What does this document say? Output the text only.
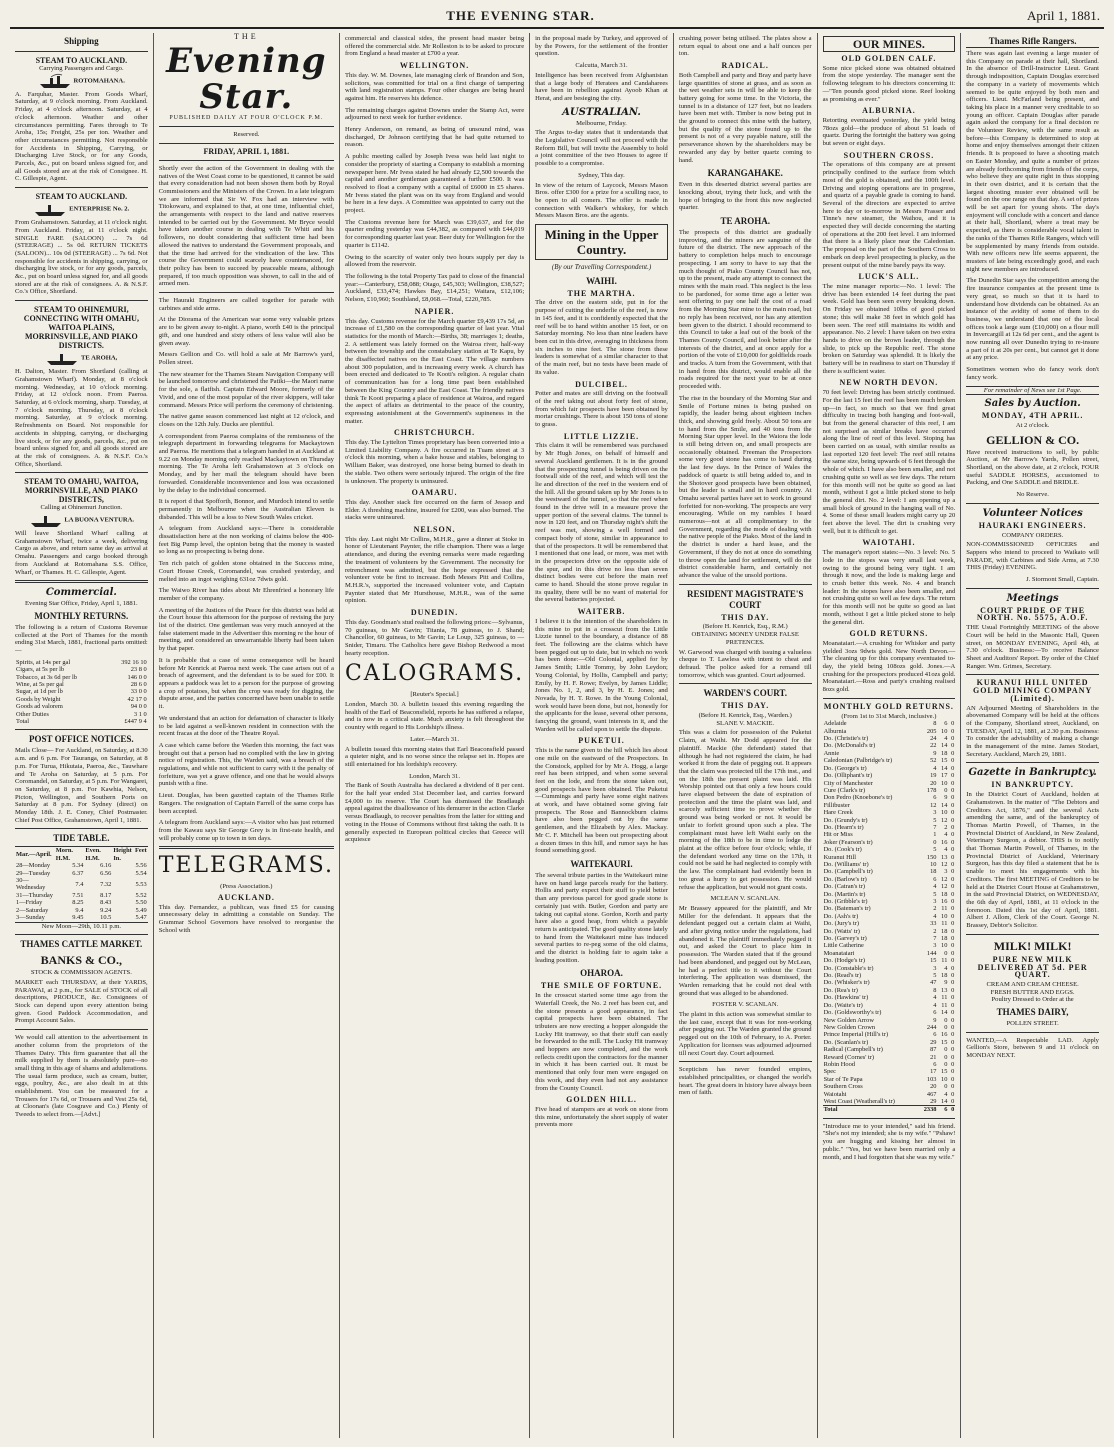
THE EVENING STAR.	April 1, 1881.
Shipping
STEAM TO AUCKLAND.
Carrying Passengers and Cargo.
ROTOMAHANA.
A. Farquhar, Master. From Goods Wharf, Saturday, at 9 o'clock morning. From Auckland. Friday, at 4 o'clock afternoon. Saturday, at 4 o'clock afternoon. Weather and other circumstances permitting. Fares through to Te Aroha, 15s; Freight, 25s per ton. Weather and other circumstances permitting. Not responsible for Accidents in Shipping, Carrying, or Discharging Live Stock, or for any Goods, Parcels, &c., put on board unless signed for, and all Goods stored are at the risk of Consignee. H. C. Gillespie, Agent.
STEAM TO AUCKLAND.
ENTERPRISE No. 2.
From Grahamstown. Saturday, at 11 o'clock night. From Auckland. Friday, at 11 o'clock night. SINGLE FARE (SALOON) ... 7s 6d (STEERAGE) ... 5s 0d. RETURN TICKETS (SALOON)... 10s 0d (STEERAGE) ... 7s 6d. Not responsible for accidents in shipping, carrying, or discharging live stock, or for any goods, parcels, &c., put on board unless signed for, and all goods stored are at the risk of consignees. A. & N.S.F. Co.'s Office, Shortland.
STEAM TO OHINEMURI, CONNECTING WITH OMAHU, WAITOA PLAINS, MORRINSVILLE, AND PIAKO DISTRICTS.
TE AROHA,
H. Dalton, Master. From Shortland (calling at Grahamstown Wharf). Monday, at 8 o'clock morning. Wednesday, at 10 o'clock morning. Friday, at 12 o'clock noon. From Paeroa. Saturday, at 6 o'clock morning, sharp. Tuesday, at 7 o'clock morning. Thursday, at 8 o'clock morning. Saturday, at 9 o'clock morning. Refreshments on Board. Not responsible for accidents in shipping, carrying, or discharging live stock, or for any goods, parcels, &c., put on board unless signed for, and all goods stored are at the risk of consignees. A. & N.S.F. Co.'s Office, Shortland.
STEAM TO OMAHU, WAITOA, MORRINSVILLE, AND PIAKO DISTRICTS,
Calling at Ohinemuri Junction.
LA BUONA VENTURA.
Will leave Shortland Wharf calling at Grahamstown Wharf, twice a week, delivering Cargo as above, and return same day as arrival at Omahu. Passengers and cargo booked through from Auckland at Rotomahana S.S. Office, Wharf, or Thames. H. C. Gillespie, Agent.
Commercial.
Evening Star Office, Friday, April 1, 1881.
MONTHLY RETURNS.
The following is a return of Customs Revenue collected at the Port of Thames for the month ending 31st March, 1881, fractional parts omitted:—
Spirits, at 14s per gal	392 16 10
Cigars, at 5s per lb	23 8 0
Tobacco, at 3s 6d per lb	146 0 0
Wine, at 5s per gal	28 6 0
Sugar, at 1d per lb	33 0 0
Goods by Weight	42 17 0
Goods ad valorem	94 0 0
Other Duties	3 1 0
Total	£447 9 4
POST OFFICE NOTICES.
Mails Close— For Auckland, on Saturday, at 8.30 a.m. and 6 p.m. For Tauranga, on Saturday, at 8 p.m. For Turua, Hikutaia, Paeroa, &c., Tauwhare and Te Aroha on Saturday, at 5 p.m. For Coromandel, on Saturday, at 5 p.m. For Wangarei, on Saturday, at 8 p.m. For Kawhia, Nelson, Picton, Wellington, and Southern Ports on Saturday at 8 p.m. For Sydney (direct) on Monday 18th. J. E. Coney, Chief Postmaster. Chief Post Office, Grahamstown, April 1, 1881.
TIDE TABLE.
Mar.—April.	Morn. H.M.	Even. H.M.	Height Feet In.
28—Monday	5.34	6.16	5.56
29—Tuesday	6.37	6.56	5.54
30—Wednesday	7.4	7.32	5.53
31—Thursday	7.51	8.17	5.52
1—Friday	8.25	8.43	5.50
2—Saturday	9.4	9.24	5.49
3—Sunday	9.45	10.5	5.47
New Moon—29th, 10.11 p.m.
THAMES CATTLE MARKET.
BANKS & CO.,
STOCK & COMMISSION AGENTS.
MARKET each THURSDAY, at their YARDS, PARAWAI, at 2 p.m., for SALE of STOCK of all descriptions, PRODUCE, &c. Consignees of Stock can depend upon every attention being given. Good Paddock Accommodation, and Prompt Account Sales.
We would call attention to the advertisement in another column from the proprietors of the Thames Dairy. This firm guarantee that all the milk supplied by them is absolutely pure—no small thing in this age of shams and adulterations. The usual farm produce, such as cream, butter, eggs, poultry, &c., are also dealt in at this establishment. You can be measured for a Trousers for 17s 6d, or Trousers and Vest 25s 6d, at Cloonan's (late Cosgrave and Co.) Plenty of Tweeds to select from.—[Advt.]
THE
Evening Star.
PUBLISHED DAILY AT FOUR O'CLOCK P.M.
Reserved.
FRIDAY, APRIL 1, 1881.

Shortly ever the action of the Government in dealing with the natives of the West Coast come to be questioned, it cannot be said that every consideration had not been shown them both by Royal Commissioners and the Ministers of the Crown. In a late telegram we are informed that Sir W. Fox had an interview with Titokowaru, and explained to that, at one time, influential chief, the arrangements with respect to the land and native reserves intended to be carried out by the Government. Mr Bryce would have taken another course in dealing with Te Whiti and his followers, no doubt considering that sufficient time had been allowed the natives to understand the Government proposals, and that the time had arrived for the vindication of the law. This course the Government could scarcely have countenanced, for their policy has been to succeed by peaceable means, although prepared, if too much opposition was shown, to call in the aid of armed men.

The Hauraki Engineers are called together for parade with carbines and side arms.

At the Diorama of the American war some very valuable prizes are to be given away to-night. A piano, worth £40 is the principal gift, and one hundred and sixty others of less value will also be given away.

Messrs Gellion and Co. will hold a sale at Mr Barrow's yard, Pollen street.

The new steamer for the Thames Steam Navigation Company will be launched tomorrow and christened the Patiki—the Maori name for the sole, a flatfish. Captain Edward Moore, formerly of the Vivid, and one of the most popular of the river skippers, will take command. Messrs Price will perform the ceremony of christening.

The native game season commenced last night at 12 o'clock, and closes on the 12th July. Ducks are plentiful.

A correspondent from Paeroa complains of the remissness of the telegraph department in forwarding telegrams for Mackaytown and Paeroa. He mentions that a telegram handed in at Auckland at 9.22 on Monday morning only reached Mackaytown on Thursday morning. The Te Aroha left Grahamstown at 3 o'clock on Monday, and by her mail the telegram should have been forwarded. Considerable inconvenience and loss was occasioned by the delay to the individual concerned.

It is report d that Spofforth, Bonnor, and Murdoch intend to settle permanently in Melbourne when the Australian Eleven is disbanded. This will be a loss to New South Wales cricket.

A telegram from Auckland says:—There is considerable dissatisfaction here at the non working of claims below the 400-feet Big Pump level, the opinion being that the money is wasted so long as no prospecting is being done.

Ten rich patch of golden stone obtained in the Success mine, Court House Creek, Coromandel, was crushed yesterday, and melted into an ingot weighing 631oz 7dwts gold.

The Waiwo River has tides about Mr Ehrenfried a honorary life member of the company.

A meeting of the Justices of the Peace for this district was held at the Court house this afternoon for the purpose of revising the jury list of the district. One gentleman was very much annoyed at the false statement made in the Advertiser this morning re the hour of meeting, and considered an unwarrantable liberty had been taken by that paper.

It is probable that a case of some consequence will be heard before Mr Kenrick at Paeroa next week. The case arises out of a breach of agreement, and the defendant is to be sued for £00. It appears a paddock was let to a person for the purpose of growing a crop of potatoes, but when the crop was ready for digging, the dispute arose, and the parties concerned have been unable to settle it.

We understand that an action for defamation of character is likely to be laid against a well-known resident in connection with the recent fracas at the door of the Theatre Royal.

A case which came before the Warden this morning, the fact was brought out that a person had no complied with the law in giving notice of registration. This, the Warden said, was a breach of the regulations, and while not sufficient to carry with it the penalty of forfeiture, was yet a grave offence, and one that he would always punish with a fine.

Lieut. Douglas, has been gazetted captain of the Thames Rifle Rangers. The resignation of Captain Farrell of the same corps has been accepted.

A telegram from Auckland says:—A visitor who has just returned from the Kawau says Sir George Grey is in first-rate health, and will probably come up to town in ten days.

TELEGRAMS.
(Press Association.)
AUCKLAND.

This day. Fernandez, a publican, was fined £5 for causing unnecessary delay in admitting a constable on Sunday. The Grammar School Governors have resolved to reorganise the School with

commercial and classical sides, the present head master being offered the commercial side. Mr Rolleston is to be asked to procure from England a head master at £700 a year.

WELLINGTON.

This day. W. M. Downes, late managing clerk of Brandon and Son, solicitors, was committed for trial on a first charge of tampering with land registration stamps. Four other charges are being heard against him. He reserves his defence.

The remaining charges against Downes under the Stamp Act, were adjourned to next week for further evidence.

Henry Anderson, on remand, as being of unsound mind, was discharged, Dr Johnson certifying that he had quite returned to reason.

A public meeting called by Joseph Ivess was held last night to consider the propriety of starting a Company to establish a morning newspaper here. Mr Ivess stated he had already £2,500 towards the capital and another gentleman guaranteed a further £500. It was resolved to float a company with a capital of £6000 in £5 shares. Mr Ivess stated the plant was on its way from England and would be here in a few days. A Committee was appointed to carry out the project.

The Customs revenue here for March was £39,637, and for the quarter ending yesterday was £44,382, as compared with £44,019 for corresponding quarter last year. Beer duty for Wellington for the quarter is £1142.

Owing to the scarcity of water only two hours supply per day is allowed from the reservoir.

The following is the total Property Tax paid to close of the financial year:—Canterbury, £58,088; Otago, £45,303; Wellington, £38,527; Auckland, £33,474; Hawkes Bay, £14,251; Waitara, £12,106; Nelson, £10,960; Southland, £8,068.—Total, £220,785.

NAPIER.

This day. Customs revenue for the March quarter £9,439 17s 5d, an increase of £1,580 on the corresponding quarter of last year. Vital statistics for the month of March:—Births, 38; marriages 1; deaths, 2. A settlement was lately formed on the Wairoa river, half-way between the township and the constabulary station at Te Kapu, by the disaffected natives on the East Coast. The village numbers about 300 population, and is increasing every week. A church has been erected and dedicated to Te Kooti's religion. A regular chain of communication has for a long time past been established between the King Country and the East Coast. The friendly natives think Te Kooti preparing a place of residence at Wairoa, and regard the aspect of affairs as detrimental to the peace of the country, expressing astonishment at the Government's supineness in the matter.

CHRISTCHURCH.

This day. The Lyttelton Times proprietary has been converted into a Limited Liability Company. A fire occurred in Tuam street at 3 o'clock this morning, when a bake house and stables, belonging to William Baker, was destroyed, one horse being burned to death in the stable. Two others were seriously injured. The origin of the fire is unknown. The property is uninsured.

OAMARU.

This day. Another stack fire occurred on the farm of Jessop and Elder. A threshing machine, insured for £200, was also burned. The stacks were uninsured.

NELSON.

This day. Last night Mr Collins, M.H.R., gave a dinner at Stoke in honor of Lieutenant Paynter, the rifle champion. There was a large attendance, and during the evening remarks were made regarding the treatment of volunteers by the Government. The necessity for retrenchment was admitted, but the hope expressed that the volunteer vote be first to increase. Both Messrs Pitt and Collins, M.H.R.'s, supported the increased volunteer vote, and Captain Paynter stated that Mr Hursthouse, M.H.R., was of the same opinion.

DUNEDIN.

This day. Goodman's stud realised the following prices:—Sylvanus, 70 guineas, to Mr Gavin; Titania, 78 guineas, to J. Shand; Chancellor, 60 guineas, to Mr Gavin; Le Loup, 325 guineas, to — Snider, Timaru. The Catholics here gave Bishop Redwood a most hearty reception.

CALOGRAMS.
[Reuter's Special.]

London, March 30. A bulletin issued this evening regarding the health of the Earl of Beaconsfield, reports he has suffered a relapse, and is now in a critical state. Much anxiety is felt throughout the country with regard to His Lordship's illness.

Later.—March 31.

A bulletin issued this morning states that Earl Beaconsfield passed a quieter night, and is no worse since the relapse set in. Hopes are still entertained for his lordship's recovery.

London, March 31.

The Bank of South Australia has declared a dividend of 8 per cent. for the half year ended 31st December last, and carries forward £4,000 to its reserve. The Court has dismissed the Bradlaugh appeal against the disallowance of his demurrer in the action Clarke versus Bradlaugh, to recover penalties from the latter for sitting and voting in the House of Commons without first taking the oath. It is generally expected in European political circles that Greece will acquiesce

in the proposal made by Turkey, and approved of by the Powers, for the settlement of the frontier question.

Calcutta, March 31.

Intelligence has been received from Afghanistan that a large body of Heratees and Candaharees have been in rebellion against Ayoob Khan at Herat, and are besieging the city.

AUSTRALIAN.
Melbourne, Friday.

The Argus to-day states that it understands that the Legislative Council will not proceed with the Reform Bill, but will invite the Assembly to hold a joint committee of the two Houses to agree if possible to a compromise.

Sydney, This day.

In view of the return of Laycock, Messrs Mason Bros. offer £300 for a prize for a sculling race, to be open to all comers. The offer is made in connection with Walker's whiskey, for which Messrs Mason Bros. are the agents.

Mining in the Upper Country.
(By our Travelling Correspondent.)
WAIHI.
THE MARTHA.

The drive on the eastern side, put in for the purpose of cutting the underlie of the reef, is now in 145 feet, and it is confidently expected that the reef will be to hand within another 15 feet, or on Saturday morning. No less than nine leaders have been cut in this drive, averaging in thickness from six inches to nine feet. The stone from these leaders is somewhat of a similar character to that of the main reef, but no tests have been made of its value.

DULCIBEL.

Potter and mates are still driving on the footwall of the reef taking out about forty feet of stone, from which fair prospects have been obtained by mortar crushings. There is about 150 tons of stone to grass.

LITTLE LIZZIE.

This claim it will be remembered was purchased by Mr Hugh Jones, on behalf of himself and several Auckland gentlemen. It is in the ground that the prospecting tunnel is being driven on the footwall side of the reef, and which will test the lie and direction of the reef in the western end of the hill. All the ground taken up by Mr Jones is to the westward of the tunnel, so that the reef when found in the drive will in a measure prove the upper portion of the several claims. The tunnel is now in 120 feet, and on Thursday night's shift the reef was met, showing a well formed and compact body of stone, similar in appearance to that of the prospectors. It will be remembered that I mentioned that one lead, or more, was met with in the prospectors drive on the opposite side of the spur, and in this drive no less than seven distinct bodies were cut before the main reef came to hand. Should the stone prove regular in its quality, there will be no want of material for the several batteries projected.

WAITERB.

I believe it is the intention of the shareholders in this mine to put in a crosscut from the Little Lizzie tunnel to the boundary, a distance of 88 feet. The following are the claims which have been pegged out up to date, but in which no work has been done:—Old Colonial, applied for by James Smith; Little Tommy, by John Leydon; Young Colonial, by Hollis, Campbell and party; Emily, by H. F. Rowe; Evelyn, by James Liddle; Jones No. 1, 2, and 3, by H. E. Jones; and Novada, by H. T. Rowe. In the Young Colonial, work would have been done, but not, honestly for the applicants for the lease, several other persons, fancying the ground, want interests in it, and the Warden will be called upon to settle the dispute.

PUKETUI.

This is the name given to the hill which lies about one mile on the eastward of the Prospectors. In the Constock, applied for by Mr A. Hogg, a large reef has been stripped, and when some several feet on the lode, and from the stone taken out, good prospects have been obtained. The Puketui—Cummings and party have some eight natives at work, and have obtained some giving fair prospects. The Rose and Bannockburn claims have also been pegged out by the same gentlemen, and the Elizabeth by Alex. Mackay. Mr C. F. Mitchell has been out prospecting about a dozen times in this hill, and rumor says he has found something good.

WAITEKAURI.

The several tribute parties in the Waitekauri mine have on hand large parcels ready for the battery. Hollis and party expect their stuff to yield better than any previous parcel for good grade stone is certainly just with. Butler, Gordon and party are taking out capital stone. Gordon, Korth and party have also a good heap, from which a payable return is anticipated. The good quality stone lately to hand from the Waitekauri mine has induced several parties to re-peg some of the old claims, and the district is holding fair to again take a leading position.

OHAROA.
THE SMILE OF FORTUNE.

In the crosscut started some time ago from the Waterfall Creek, the No. 2 reef has been cut, and the stone presents a good appearance, in fact capital prospects have been obtained. The tributers are now erecting a hopper alongside the Lucky Hit tramway, so that their stuff can easily be forwarded to the mill. The Lucky Hit tramway and hoppers are now completed, and the work reflects credit upon the contractors for the manner in which it has been carried out. It must be mentioned that only four men were engaged on this work, and they even had not any assistance from the County Council.

GOLDEN HILL.

Five head of stampers are at work on stone from this mine, unfortunately the short supply of water prevents more

crushing power being utilised. The plates show a return equal to about one and a half ounces per ton.

RADICAL.

Both Campbell and party and Bray and party have large quantities of stone at grass, and as soon as the wet weather sets in will be able to keep the battery going for some time. In the Victoria, the tunnel is in a distance of 127 feet, but no leaders have been met with. Timber is now being put in the ground to connect this mine with the battery, but the quality of the stone found up to the present is not of a very payable nature, still the perseverance shown by the shareholders may be rewarded any day by better quartz coming to hand.

KARANGAHAKE.

Even in this deserted district several parties are knocking about, trying their luck, and with the hope of bringing to the front this now neglected quarter.

TE AROHA.

The prospects of this district are gradually improving, and the miners are sanguine of the future of the district. The new approach of the battery to completion helps much to encourage prospecting. I am sorry to have to say that the much thought of Piako County Council has not, up to the present, made any attempt to connect the mines with the main road. This neglect is the less to be pardoned, for some time ago a letter was sent offering to pay one half the cost of a road from the Morning Star mine to the main road, but no reply has been received, nor has any attention been given to the district. I should recommend to this Council to take a leaf out of the book of the Thames County Council, and look better after the interests of the district, and at once apply for a portion of the vote of £10,000 for goldfields roads and tracks. A turn from the Government, with that in hand from this district, would enable all the roads required for the next year to be at once proceeded with.

The rise in the boundary of the Morning Star and Smile of Fortune mines is being pushed on rapidly, the leader being about eighteen inches thick, and showing gold freely. About 50 tons are to hand from the Smile, and 40 tons from the Morning Star upper level. In the Waiora the lode is still being driven on, and small prospects are occasionally obtained. Freeman the Prospectors some very good stone has come to hand during the last few days. In the Prince of Wales the paddock of quartz is still being added to, and in the Shotover good prospects have been obtained, but the leader is small and in hard country. At Omahu several parties have set to work in ground forfeited for non-working. The prospects are very encouraging. While on my rambles I heard numerous—not at all complimentary to the Government, regarding the mode of dealing with the native people of the Piako. Most of the land in the district is under a hard lease, and the Government, if they do not at once do something to throw open the land for settlement, will do the district considerable harm, and certainly not advance the value of the unsold portions.

RESIDENT MAGISTRATE'S COURT
THIS DAY.
(Before H. Kenrick, Esq., R.M.)
OBTAINING MONEY UNDER FALSE PRETENCES.

W. Garwood was charged with issuing a valueless cheque to T. Lawless with intent to cheat and defraud. The police asked for a remand till tomorrow, which was granted. Court adjourned.

WARDEN'S COURT.
THIS DAY.
(Before H. Kenrick, Esq., Warden.)
SLANE V. MACKIE.

This was a claim for possession of the Puketui Claim, at Waihi. Mr Dodd appeared for the plaintiff. Mackie (the defendant) stated that although he had not registered the claim, he had worked it from the date of pegging out. It appears that the claim was protected till the 17th inst., and on the 18th the present plaint was laid. His Worship pointed out that only a few hours could have elapsed between the date of expiration of protection and the time the plaint was laid, and scarcely sufficient time to prove whether the ground was being worked or not. It would be unfair to forfeit ground upon such a plea. The complainant must have left Waihi early on the morning of the 18th to be in time to lodge the plaint at the office before four o'clock; while, if the defendant worked any time on the 17th, it could not be said he had neglected to comply with the law. The complainant had evidently been in too great a hurry to get possession. He would refuse the application, but would not grant costs.

MCLEAN V. SCANLAN.

Mr Brassey appeared for the plaintiff, and Mr Miller for the defendant. It appears that the defendant pegged out a certain claim at Waihi, and after giving notice under the regulations, had abandoned it. The plaintiff immediately pegged it out, and asked the Court to place him in possession. The Warden stated that if the ground had been abandoned, and pegged out by McLean, he had a perfect title to it without the Court interfering. The application was dismissed, the Warden remarking that he could not deal with ground that was alleged to be abandoned.

FOSTER V. SCANLAN.

The plaint in this action was somewhat similar to the last case, except that it was for non-working after pegging out. The Warden granted the ground pegged out on the 10th of February, to A. Porter. Application for licenses was adjourned adjourned till next Court day. Court adjourned.

Scepticism has never founded empires, established principalities, or changed the world's heart. The great doers in history have always been men of faith.

OUR MINES.
OLD GOLDEN CALF.

Some nice picked stone was obtained obtained from the stope yesterday. The manager sent the following telegram to his directors concerning it:—"Ten pounds good picked stone. Reef looking as promising as ever."

ALBURNIA.

Retorting eventuated yesterday, the yield being 78ozs gold—the produce of about 51 loads of quartz. During the fortnight the battery was going but seven or eight days.

SOUTHERN CROSS.

The operations of this company are at present principally confined to the surface from which most of the gold is obtained, and the 100ft level. Driving and stoping operations are in progress, and quartz of a payable grade is coming to hand. Several of the directors are expected to arrive here to day or to-morrow in Messrs Frasser and Tinne's new steamer, the Waihou, and it is expected they will decide concerning the starting of operations at the 200 feet level. I am informed that there is a likely place near the Caledonian. The proposal on the part of the Southern Cross to embark on deep level prospecting is plucky, as the present output of the mine barely pays its way.

LUCK'S ALL.

The mine manager reports:—No. 1 level: The drive has been extended 14 feet during the past week. Gold has been seen every breaking down. On Friday we obtained 10lbs of good picked stone; this will make 38 feet in which gold has been seen. The reef still maintains its width and appearance. No. 2 level: I have taken on two extra hands to drive on the brown leader, through the slide, to pick up the Republic reef. The stone broken on Saturday was splendid. It is likely the battery will be in readiness to start on Thursday if there is sufficient water.

NEW NORTH DEVON.

70 feet level: Driving has been strictly continued. For the last 15 feet the reef has been much broken up—in fact, so much so that we find great difficulty in tracing both hanging and foot-wall, but from the general character of this reef, I am not surprised as similar breaks have occurred along the line of reef of this level. Stoping has been carried on as usual, with similar results as last reported 120 feet level: The reef still retains the same size, being upwards of 6 feet through the whole of which. I have also been smaller, and not crushing quite so well as we few days. The return for this month will not be quite so good as last month, without I got a little picked stone to help the general dirt. No. 2 level: I am opening up a small block of ground in the hanging wall of No. 4. Some of these small leaders might carry up 20 feet above the level. The dirt is crushing very well, but it is difficult to get.

WAIOTAHI.

The manager's report states:—No. 3 level: No. 5 lode in the stopes was very small last week, owing to the ground being very tight. I am through it now, and the lode is making large and to crush better this week. No. 4 and branch leader: In the stopes have also been smaller, and not crushing quite so well as few days. The return for this month will not be quite so good as last month, without I get a little picked stone to help the general dirt.

GOLD RETURNS.

Moanataiari.—A crushing for Whisker and party yielded 3ozs 9dwts gold. New North Devon.—The cleaning up for this company eventuated to-day, the yield being 108ozs gold. Jones.—A crushing for the prospectors produced 41ozs gold. Moanataiari.—Ross and party's crushing realised 8ozs gold.

MONTHLY GOLD RETURNS.
(From 1st to 31st March, inclusive.)
Adelaide	8	6	0
Alburnia	205	10	0
Do. (Christie's tr)	24	4	0
Do. (McDonald's tr)	22	14	0
Annie	9	18	0
Caledonian (Palbridge's tr)	52	15	0
Do. (George's tr)	4	14	0
Do. (Olliphant's tr)	19	17	0
City of Manchester	20	10	0
Cure (Clark's tr)	178	0	0
Don Pedro (Knoebone's tr)	6	9	0
Fillibuster	12	14	0
Hare Creek	3	10	0
Do. (Grundy's tr)	5	12	0
Do. (Hearn's tr)	7	2	0
Hit or Miss	1	4	0
Joker (Fearson's tr)	0	16	0
Do. (Cook's tr)	5	4	0
Kuranui Hill	150	13	0
Do. (Williams' tr)	10	12	0
Do. (Campbell's tr)	18	3	0
Do. (Barlow's tr)	6	12	0
Do. (Catran's tr)	4	12	0
Do. (Martin's tr)	5	18	0
Do. (Gribble's tr)	3	16	0
Do. (Bateman's tr)	2	11	0
Do. (Ash's tr)	4	10	0
Do. (Jury's tr)	33	11	0
Do. (Watts' tr)	2	18	0
Do. (Garvey's tr)	7	18	0
Little Catherine	3	10	0
Moanataiari	144	0	0
Do. (Hodge's tr)	15	11	0
Do. (Constable's tr)	3	4	0
Do. (Read's tr)	5	18	0
Do. (Whisker's tr)	47	9	0
Do. (Rea's tr)	8	13	0
Do. (Hawkins' tr)	4	11	0
Do. (Waite's tr)	4	11	0
Do. (Goldsworthy's tr)	6	14	0
New Golden Arrow	9	0	0
New Golden Crown	244	0	0
Prince Imperial (Hill's tr)	6	16	0
Do. (Scanlan's tr)	29	15	0
Radical (Campbell's tr)	87	0	0
Reward (Cornes' tr)	21	0	0
Robin Hood	6	0	0
Spec	17	15	0
Star of Te Papa	103	10	0
Southern Cross	20	0	0
Waiotahi	467	4	0
West Coast (Weatherall's tr)	29	14	0
Total	2338	6	0

"Introduce me to your intended," said his friend. "She's not my intended; she is my wife." "Pshaw! you are hugging and kissing her almost in public." "Yes, but we have been married only a month, and I had forgotten that she was my wife."

Thames Rifle Rangers.

There was again last evening a large muster of this Company on parade at their hall, Shortland. In the absence of Drill-Instructor Lieut. Grant through indisposition, Captain Douglas exercised the company in a variety of movements which seemed to be quite enjoyed by both men and officers. Lieut. McFarland being present, and taking his place in a manner very creditable to so young an officer. Captain Douglas after parade again asked the company for a final decision re the Volunteer Review, with the same result as before—this Company is determined to stop at home and enjoy themselves amongst their citizen friends. It is proposed to have a shooting match on Easter Monday, and quite a number of prizes are already forthcoming from friends of the corps, who believe they are quite right in thus stopping in their own district, and it is certain that the largest shooting muster ever obtained will be found on the one range on that day. A set of prizes will be set apart for young shots. The day's enjoyment will conclude with a concert and dance at their hall, Shortland, where a treat may be expected, as there is considerable vocal talent in the ranks of the Thames Rifle Rangers, which will be supplemented by many friends from outside. With new officers new life seems apparent, the musters of late being exceedingly good, and each night new members are introduced.

The Dunedin Star says the competition among the fire insurance companies at the present time is very great, so much so that it is hard to understand how dividends can be obtained. As an instance of the avidity of some of them to do business, we understand that one of the local offices took a large sum (£10,000) on a flour mill in Invercargill at 12s 6d per cent., and the agent is now running all over Dunedin trying to re-insure a part of it at 20s per cent., but cannot get it done at any price.

Sometimes women who do fancy work don't fancy work.

For remainder of News see 1st Page.
Sales by Auction.
MONDAY, 4TH APRIL.
At 2 o'clock.
GELLION & CO.

Have received instructions to sell, by public Auction, at Mr Barrow's Yards, Pollen street, Shortland, on the above date, at 2 o'clock, FOUR useful SADDLE HORSES, accustomed to Packing, and One SADDLE and BRIDLE.

No Reserve.
Volunteer Notices
HAURAKI ENGINEERS.
COMPANY ORDERS.

NON-COMMISSIONED OFFICERS and Sappers who intend to proceed to Waikato will PARADE, with Carbines and Side Arms, at 7.30 THIS (Friday) EVENING.

J. Stormont Small, Captain.
Meetings
COURT PRIDE OF THE NORTH. No. 5575, A.O.F.

THE Usual Fortnightly MEETING of the above Court will be held in the Masonic Hall, Queen street, on MONDAY EVENING, April 4th, at 7.30 o'clock. Business:—To receive Balance Sheet and Auditors' Report. By order of the Chief Ranger. Wm. Grimes, Secretary.

KURANUI HILL UNITED GOLD MINING COMPANY (Limited).

AN Adjourned Meeting of Shareholders in the abovenamed Company will be held at the offices of the Company, Shortland street, Auckland, on TUESDAY, April 12, 1881, at 2.30 p.m. Business: To consider the advisability of making a change in the management of the mine. James Stodart, Secretary. Auckland, March 29, 1881.

Gazette in Bankruptcy.
IN BANKRUPTCY.

In the District Court of Auckland, holden at Grahamstown. In the matter of "The Debtors and Creditors Act, 1876," and the several Acts amending the same, and of the bankruptcy of Thomas Martin Powell, of Thames, in the Provincial District of Auckland, in New Zealand, Veterinary Surgeon, a debtor. THIS is to notify that Thomas Martin Powell, of Thames, in the Provincial District of Auckland, Veterinary Surgeon, has this day filed a statement that he is unable to meet his engagements with his Creditors. The first MEETING of Creditors to be held at the District Court House at Grahamstown, in the said Provincial District, on WEDNESDAY, the 6th day of April, 1881, at 11 o'clock in the forenoon. Dated this 1st day of April, 1881. Albert J. Allom, Clerk of the Court. George N. Brassey, Debtor's Solicitor.

MILK! MILK!
PURE NEW MILK DELIVERED AT 5d. PER QUART.
CREAM AND CREAM CHEESE.
FRESH BUTTER AND EGGS.
Poultry Dressed to Order at the
THAMES DAIRY,
POLLEN STREET.

WANTED,—A Respectable LAD. Apply Gellion's Store, between 9 and 11 o'clock on MONDAY NEXT.
